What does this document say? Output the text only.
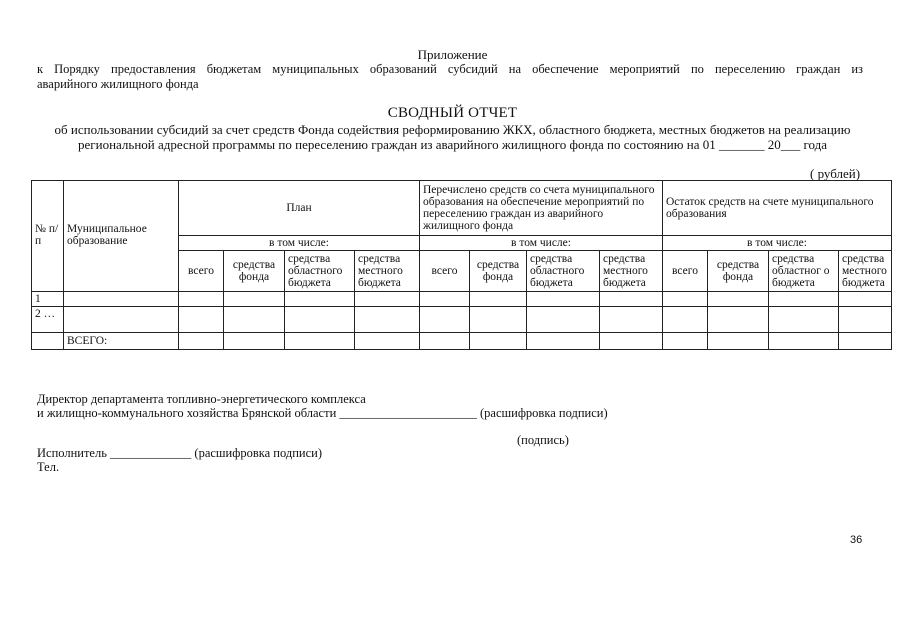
Приложение
к Порядку предоставления бюджетам муниципальных образований субсидий на обеспечение мероприятий по переселению граждан из
аварийного жилищного фонда
СВОДНЫЙ ОТЧЕТ
об использовании субсидий за счет средств Фонда содействия реформированию ЖКХ, областного бюджета, местных бюджетов на реализацию
региональной адресной программы по переселению граждан из аварийного жилищного фонда по состоянию на 01 _______ 20___ года
( рублей)
№ п/п	Муниципальное образование	План				Перечислено средств со счета муниципального образования на обеспечение мероприятий по переселению граждан из аварийного жилищного фонда				Остаток средств на счете муниципального образования			
		в том числе:				в том числе:				в том числе:			
		всего	средства фонда	средства областного бюджета	средства местного бюджета	всего	средства фонда	средства областного бюджета	средства местного бюджета	всего	средства фонда	средства областног о бюджета	средства местного бюджета
1													
2 …													
	ВСЕГО:												
Директор департамента топливно-энергетического комплекса
и жилищно-коммунального хозяйства Брянской области ______________________ (расшифровка подписи)
(подпись)
Исполнитель _____________ (расшифровка подписи)
Тел.
36
